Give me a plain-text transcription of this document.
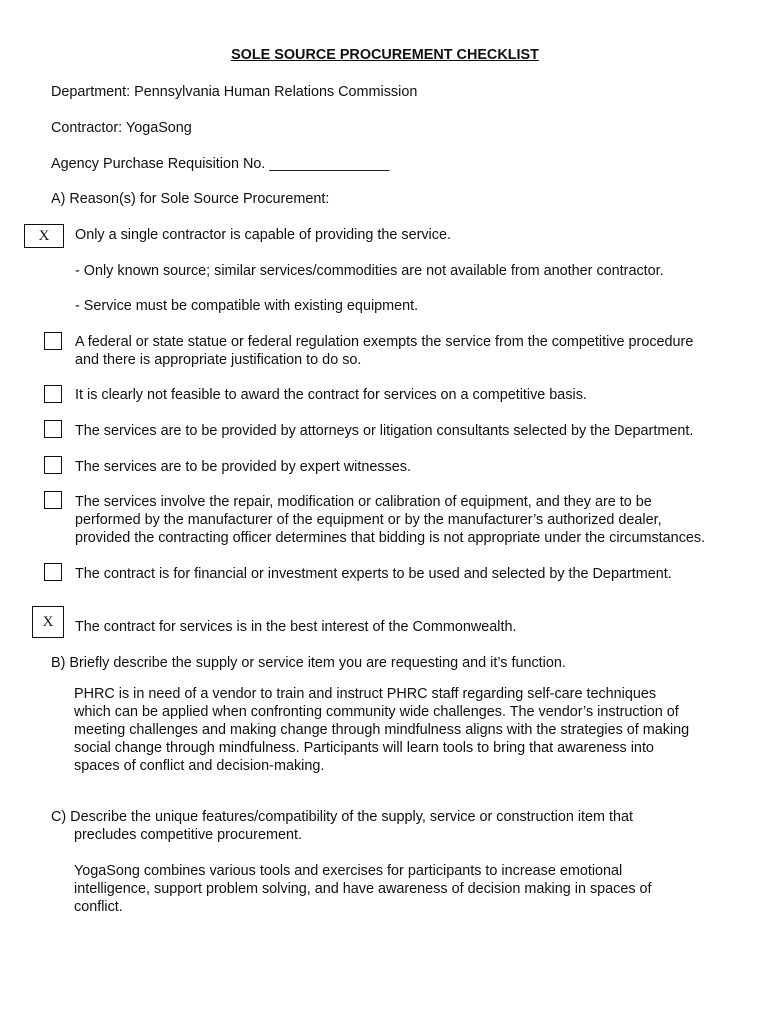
SOLE SOURCE PROCUREMENT CHECKLIST
Department: Pennsylvania Human Relations Commission
Contractor: YogaSong
Agency Purchase Requisition No. _______________
A) Reason(s) for Sole Source Procurement:
X	Only a single contractor is capable of providing the service.
- Only known source; similar services/commodities are not available from another contractor.
- Service must be compatible with existing equipment.
A federal or state statue or federal regulation exempts the service from the competitive procedure
and there is appropriate justification to do so.
It is clearly not feasible to award the contract for services on a competitive basis.
The services are to be provided by attorneys or litigation consultants selected by the Department.
The services are to be provided by expert witnesses.
The services involve the repair, modification or calibration of equipment, and they are to be
performed by the manufacturer of the equipment or by the manufacturer’s authorized dealer,
provided the contracting officer determines that bidding is not appropriate under the circumstances.
The contract is for financial or investment experts to be used and selected by the Department.
X	The contract for services is in the best interest of the Commonwealth.
B) Briefly describe the supply or service item you are requesting and it’s function.
PHRC is in need of a vendor to train and instruct PHRC staff regarding self-care techniques
which can be applied when confronting community wide challenges. The vendor’s instruction of
meeting challenges and making change through mindfulness aligns with the strategies of making
social change through mindfulness. Participants will learn tools to bring that awareness into
spaces of conflict and decision-making.
C) Describe the unique features/compatibility of the supply, service or construction item that
precludes competitive procurement.
YogaSong combines various tools and exercises for participants to increase emotional
intelligence, support problem solving, and have awareness of decision making in spaces of
conflict.
